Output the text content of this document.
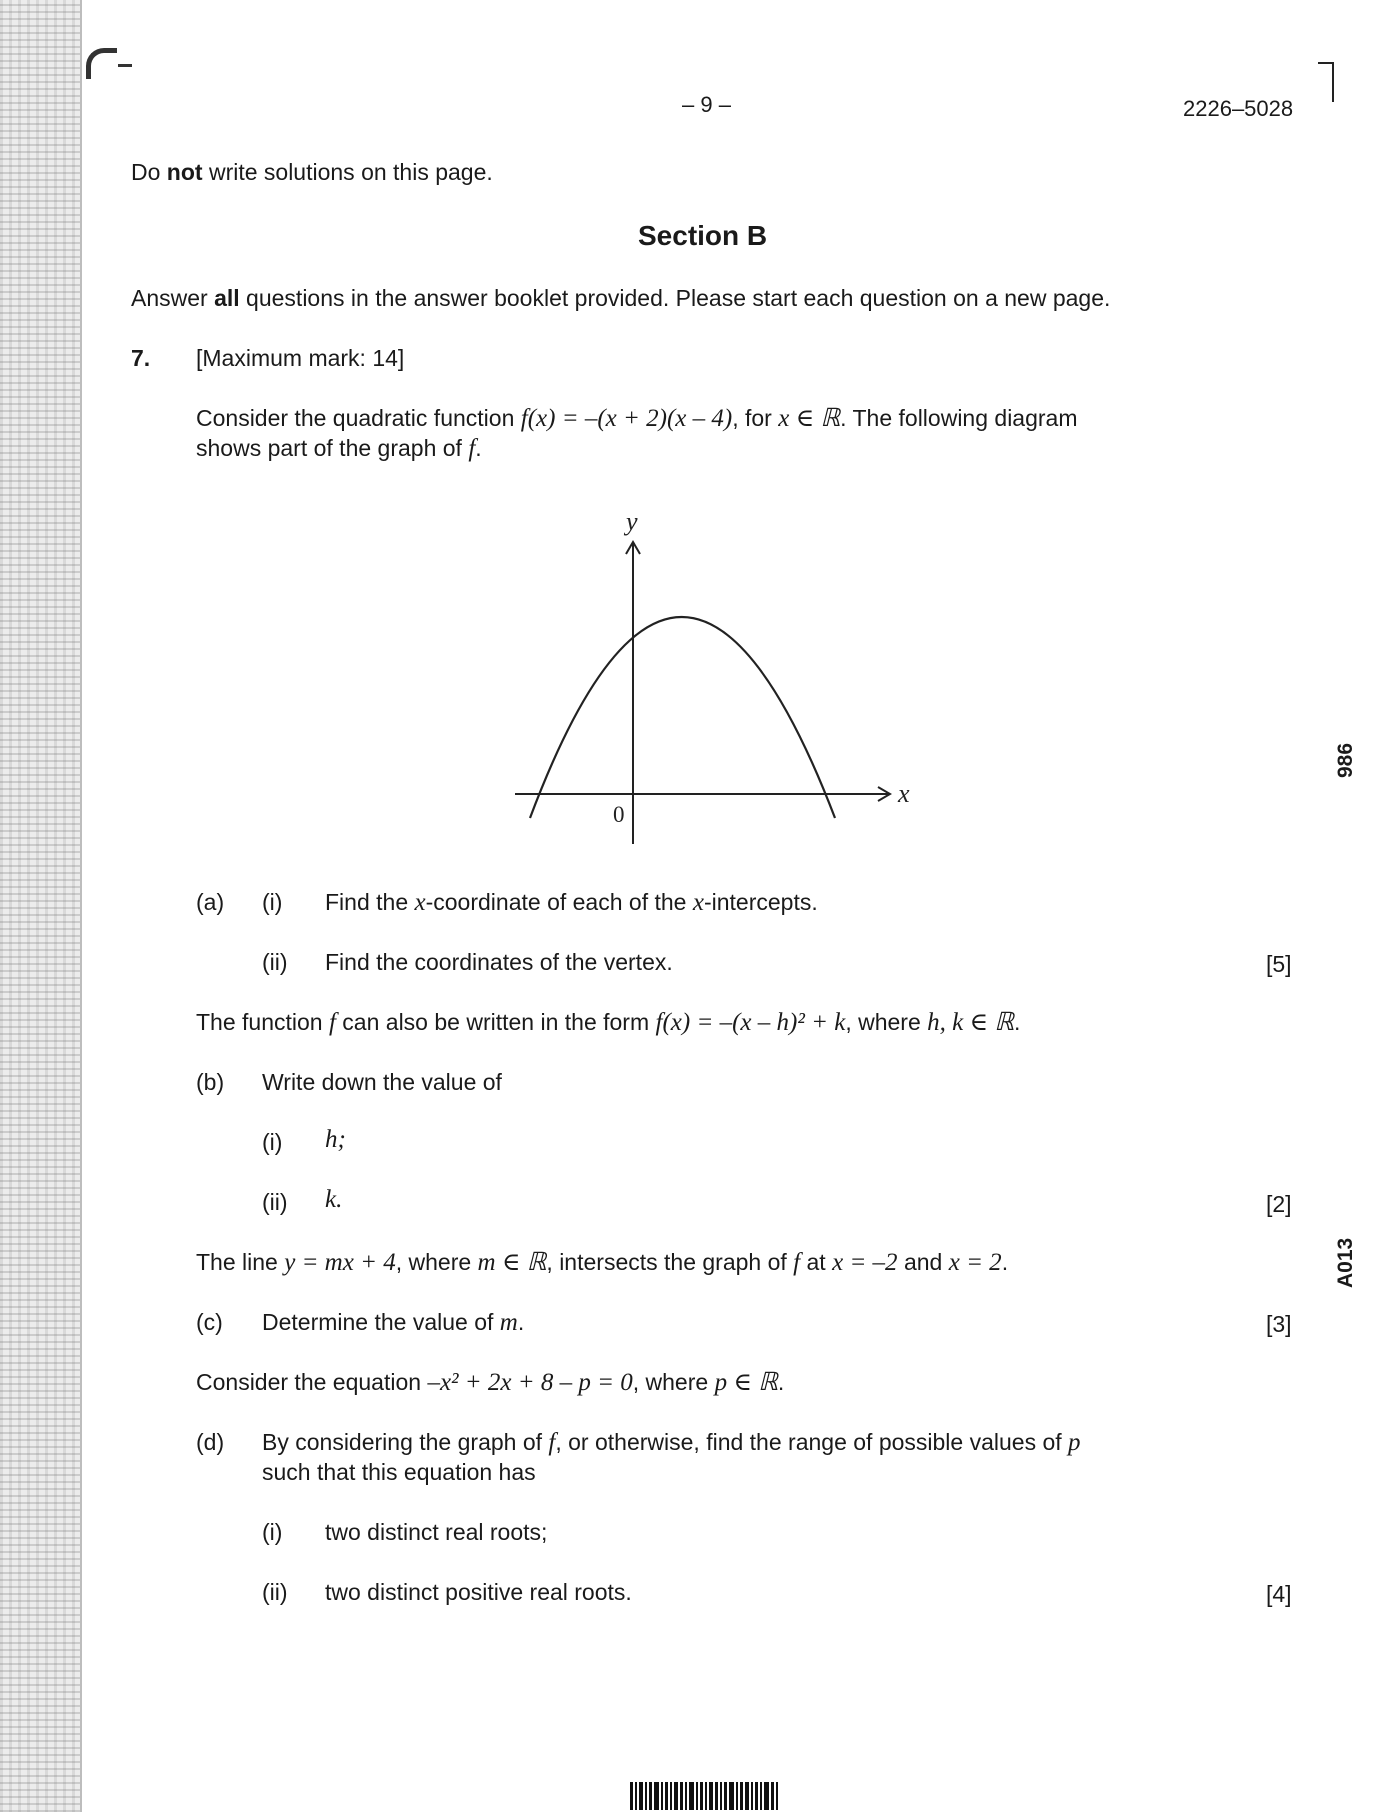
– 9 –	2226–5028
Do not write solutions on this page.
Section B
Answer all questions in the answer booklet provided. Please start each question on a new page.
7. [Maximum mark: 14]
Consider the quadratic function f(x) = –(x + 2)(x – 4), for x ∈ ℝ. The following diagram
shows part of the graph of f.
y
x
0
(a) (i) Find the x-coordinate of each of the x-intercepts.
(ii) Find the coordinates of the vertex.	[5]
The function f can also be written in the form f(x) = –(x – h)² + k, where h, k ∈ ℝ.
(b) Write down the value of
(i) h;
(ii) k.	[2]
The line y = mx + 4, where m ∈ ℝ, intersects the graph of f at x = –2 and x = 2.
(c) Determine the value of m.	[3]
Consider the equation –x² + 2x + 8 – p = 0, where p ∈ ℝ.
(d) By considering the graph of f, or otherwise, find the range of possible values of p
such that this equation has
(i) two distinct real roots;
(ii) two distinct positive real roots.	[4]
986
A013
